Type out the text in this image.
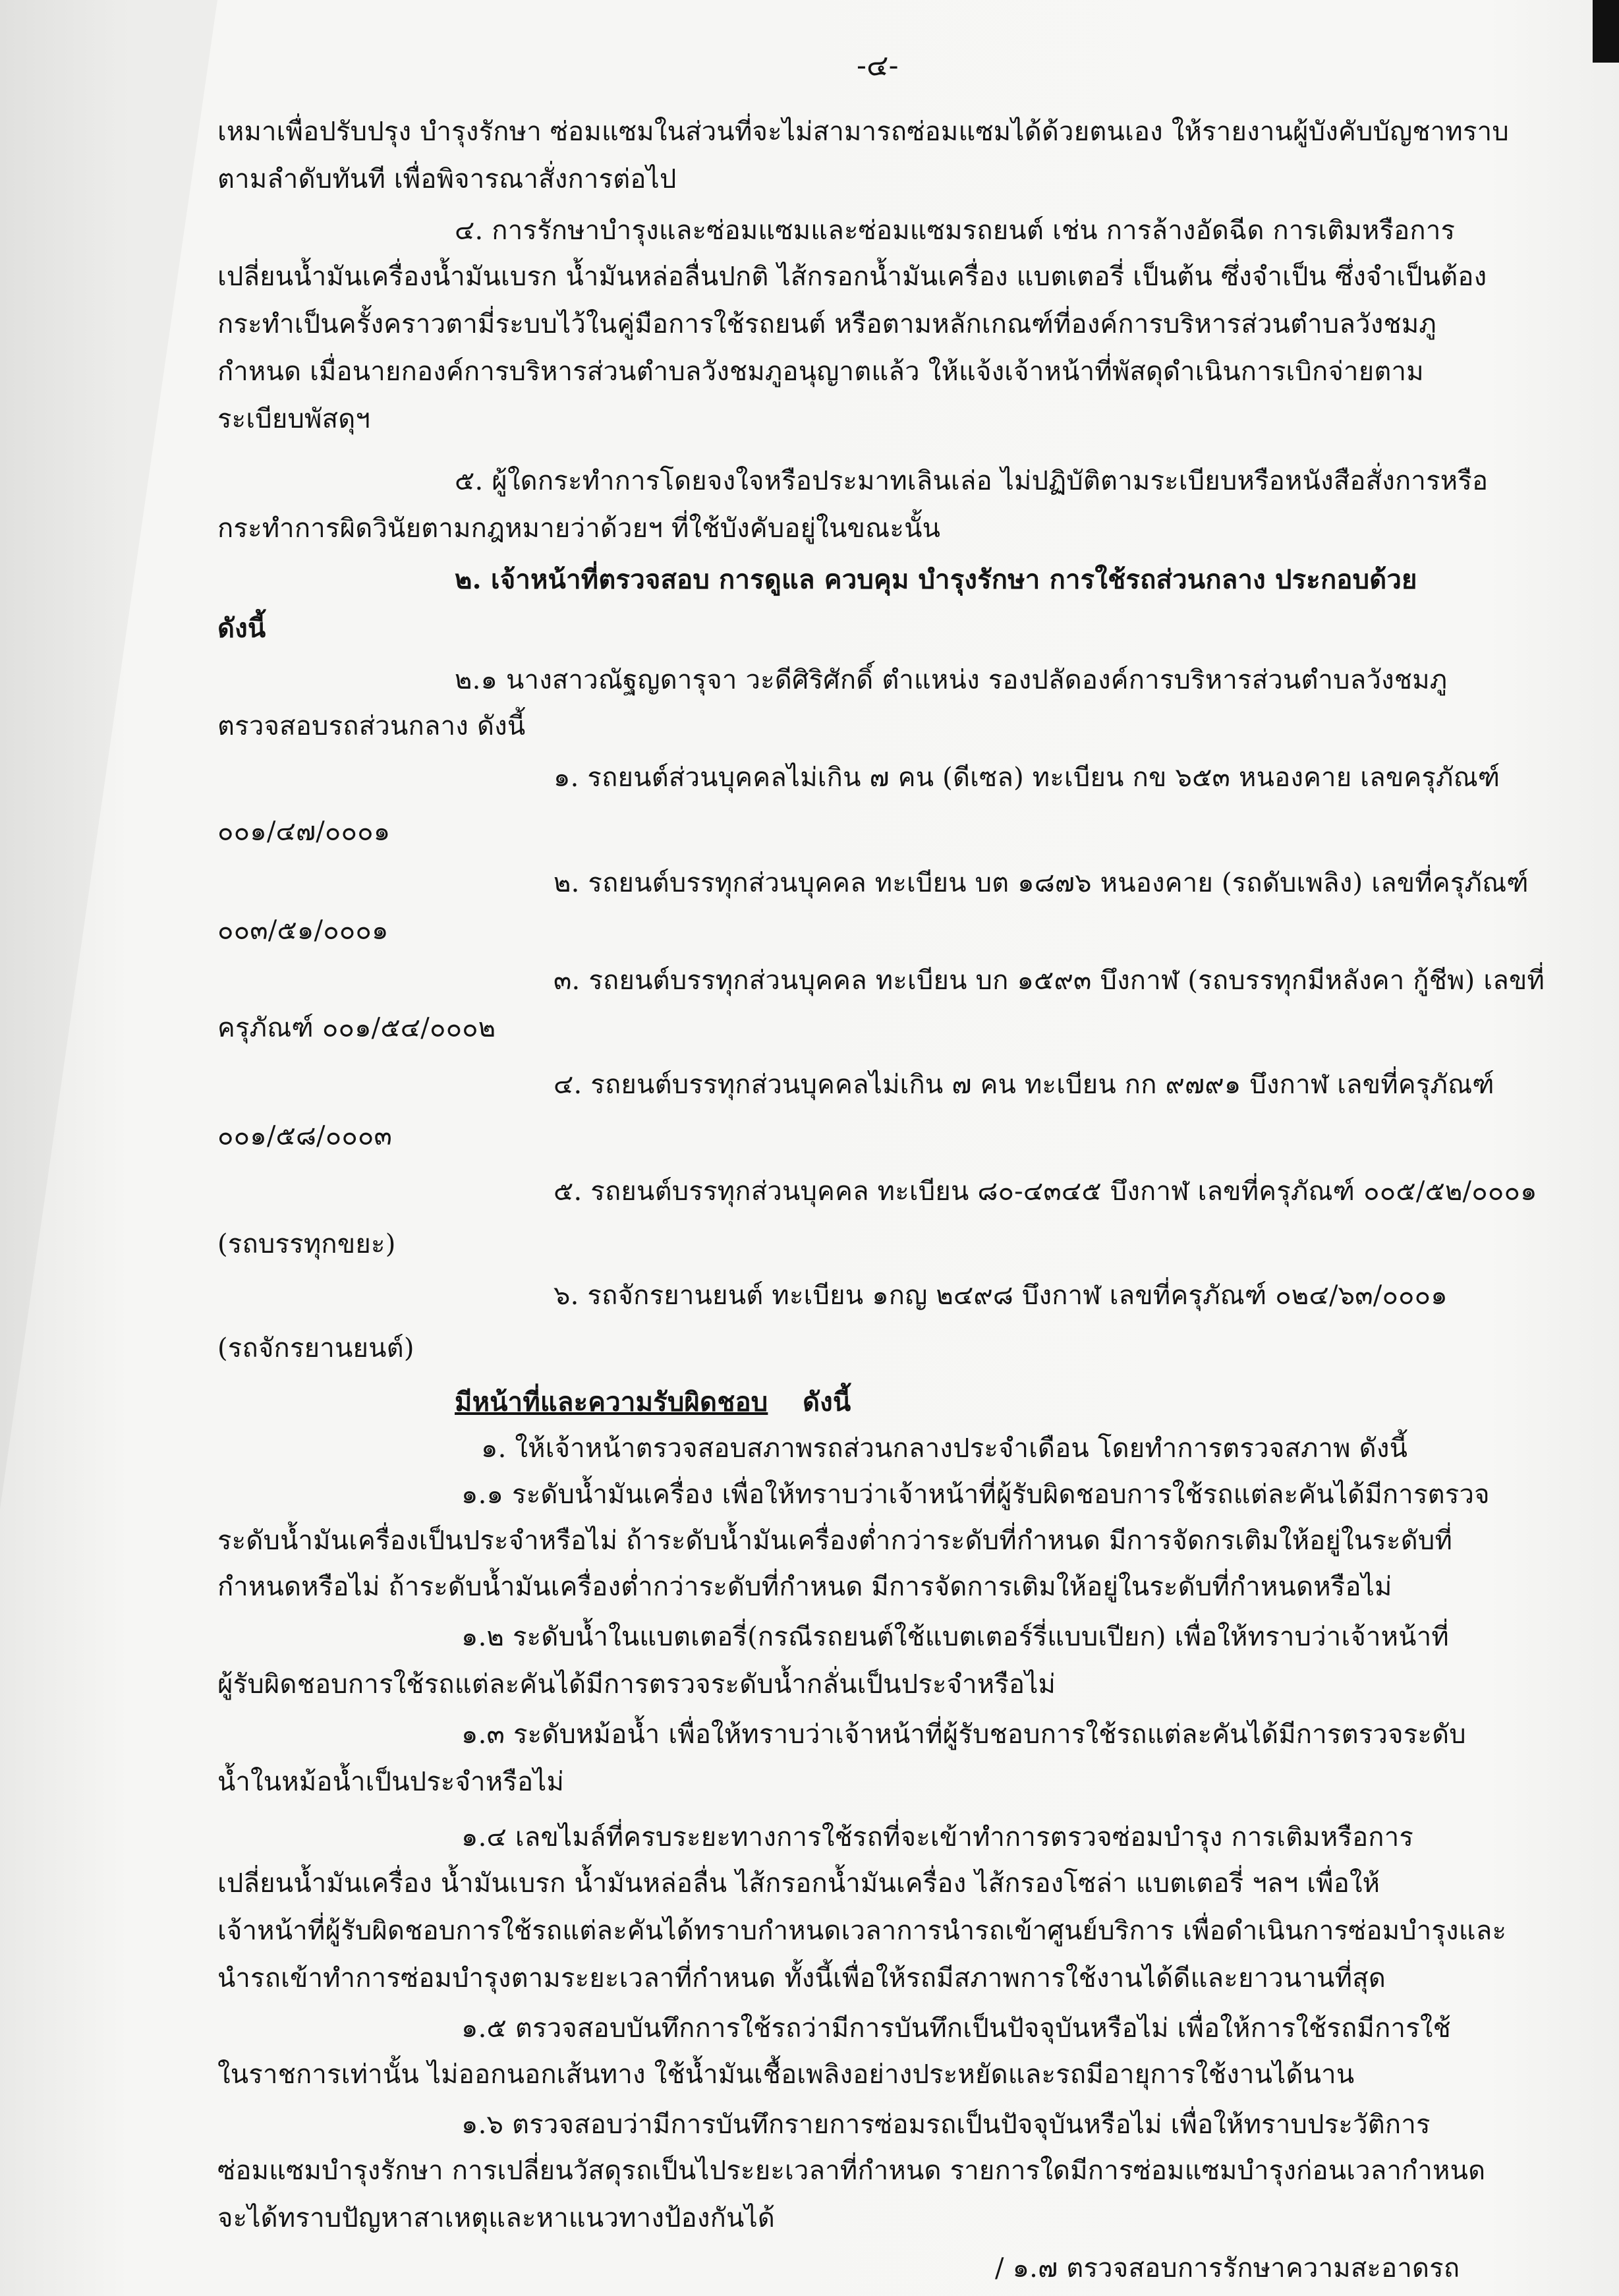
-๔-
เหมาเพื่อปรับปรุง บำรุงรักษา ซ่อมแซมในส่วนที่จะไม่สามารถซ่อมแซมได้ด้วยตนเอง ให้รายงานผู้บังคับบัญชาทราบ
ตามลำดับทันที เพื่อพิจารณาสั่งการต่อไป
๔. การรักษาบำรุงและซ่อมแซมและซ่อมแซมรถยนต์ เช่น การล้างอัดฉีด การเติมหรือการ
เปลี่ยนน้ำมันเครื่องน้ำมันเบรก น้ำมันหล่อลื่นปกติ ไส้กรอกน้ำมันเครื่อง แบตเตอรี่ เป็นต้น ซึ่งจำเป็น ซึ่งจำเป็นต้อง
กระทำเป็นครั้งคราวตามี่ระบบไว้ในคู่มือการใช้รถยนต์ หรือตามหลักเกณฑ์ที่องค์การบริหารส่วนตำบลวังชมภู
กำหนด เมื่อนายกองค์การบริหารส่วนตำบลวังชมภูอนุญาตแล้ว ให้แจ้งเจ้าหน้าที่พัสดุดำเนินการเบิกจ่ายตาม
ระเบียบพัสดุฯ
๕. ผู้ใดกระทำการโดยจงใจหรือประมาทเลินเล่อ ไม่ปฏิบัติตามระเบียบหรือหนังสือสั่งการหรือ
กระทำการผิดวินัยตามกฎหมายว่าด้วยฯ ที่ใช้บังคับอยู่ในขณะนั้น
๒. เจ้าหน้าที่ตรวจสอบ การดูแล ควบคุม บำรุงรักษา การใช้รถส่วนกลาง ประกอบด้วย
ดังนี้
๒.๑ นางสาวณัฐญดารุจา วะดีศิริศักดิ์ ตำแหน่ง รองปลัดองค์การบริหารส่วนตำบลวังชมภู
ตรวจสอบรถส่วนกลาง ดังนี้
๑. รถยนต์ส่วนบุคคลไม่เกิน ๗ คน (ดีเซล) ทะเบียน กข ๖๕๓ หนองคาย เลขครุภัณฑ์
๐๐๑/๔๗/๐๐๐๑
๒. รถยนต์บรรทุกส่วนบุคคล ทะเบียน บต ๑๘๗๖ หนองคาย (รถดับเพลิง) เลขที่ครุภัณฑ์
๐๐๓/๕๑/๐๐๐๑
๓. รถยนต์บรรทุกส่วนบุคคล ทะเบียน บก ๑๕๙๓ บึงกาฬ (รถบรรทุกมีหลังคา กู้ชีพ) เลขที่
ครุภัณฑ์ ๐๐๑/๕๔/๐๐๐๒
๔. รถยนต์บรรทุกส่วนบุคคลไม่เกิน ๗ คน ทะเบียน กก ๙๗๙๑ บึงกาฬ เลขที่ครุภัณฑ์
๐๐๑/๕๘/๐๐๐๓
๕. รถยนต์บรรทุกส่วนบุคคล ทะเบียน ๘๐-๔๓๔๕ บึงกาฬ เลขที่ครุภัณฑ์ ๐๐๕/๕๒/๐๐๐๑
(รถบรรทุกขยะ)
๖. รถจักรยานยนต์ ทะเบียน ๑กญ ๒๔๙๘ บึงกาฬ เลขที่ครุภัณฑ์ ๐๒๔/๖๓/๐๐๐๑
(รถจักรยานยนต์)
มีหน้าที่และความรับผิดชอบ ดังนี้
๑. ให้เจ้าหน้าตรวจสอบสภาพรถส่วนกลางประจำเดือน โดยทำการตรวจสภาพ ดังนี้
๑.๑ ระดับน้ำมันเครื่อง เพื่อให้ทราบว่าเจ้าหน้าที่ผู้รับผิดชอบการใช้รถแต่ละคันได้มีการตรวจ
ระดับน้ำมันเครื่องเป็นประจำหรือไม่ ถ้าระดับน้ำมันเครื่องต่ำกว่าระดับที่กำหนด มีการจัดกรเติมให้อยู่ในระดับที่
กำหนดหรือไม่ ถ้าระดับน้ำมันเครื่องต่ำกว่าระดับที่กำหนด มีการจัดการเติมให้อยู่ในระดับที่กำหนดหรือไม่
๑.๒ ระดับน้ำในแบตเตอรี่(กรณีรถยนต์ใช้แบตเตอร์รี่แบบเปียก) เพื่อให้ทราบว่าเจ้าหน้าที่
ผู้รับผิดชอบการใช้รถแต่ละคันได้มีการตรวจระดับน้ำกลั่นเป็นประจำหรือไม่
๑.๓ ระดับหม้อน้ำ เพื่อให้ทราบว่าเจ้าหน้าที่ผู้รับชอบการใช้รถแต่ละคันได้มีการตรวจระดับ
น้ำในหม้อน้ำเป็นประจำหรือไม่
๑.๔ เลขไมล์ที่ครบระยะทางการใช้รถที่จะเข้าทำการตรวจซ่อมบำรุง การเติมหรือการ
เปลี่ยนน้ำมันเครื่อง น้ำมันเบรก น้ำมันหล่อลื่น ไส้กรอกน้ำมันเครื่อง ไส้กรองโซล่า แบตเตอรี่ ฯลฯ เพื่อให้
เจ้าหน้าที่ผู้รับผิดชอบการใช้รถแต่ละคันได้ทราบกำหนดเวลาการนำรถเข้าศูนย์บริการ เพื่อดำเนินการซ่อมบำรุงและ
นำรถเข้าทำการซ่อมบำรุงตามระยะเวลาที่กำหนด ทั้งนี้เพื่อให้รถมีสภาพการใช้งานได้ดีและยาวนานที่สุด
๑.๕ ตรวจสอบบันทึกการใช้รถว่ามีการบันทึกเป็นปัจจุบันหรือไม่ เพื่อให้การใช้รถมีการใช้
ในราชการเท่านั้น ไม่ออกนอกเส้นทาง ใช้น้ำมันเชื้อเพลิงอย่างประหยัดและรถมีอายุการใช้งานได้นาน
๑.๖ ตรวจสอบว่ามีการบันทึกรายการซ่อมรถเป็นปัจจุบันหรือไม่ เพื่อให้ทราบประวัติการ
ซ่อมแซมบำรุงรักษา การเปลี่ยนวัสดุรถเป็นไประยะเวลาที่กำหนด รายการใดมีการซ่อมแซมบำรุงก่อนเวลากำหนด
จะได้ทราบปัญหาสาเหตุและหาแนวทางป้องกันได้
/ ๑.๗ ตรวจสอบการรักษาความสะอาดรถ
